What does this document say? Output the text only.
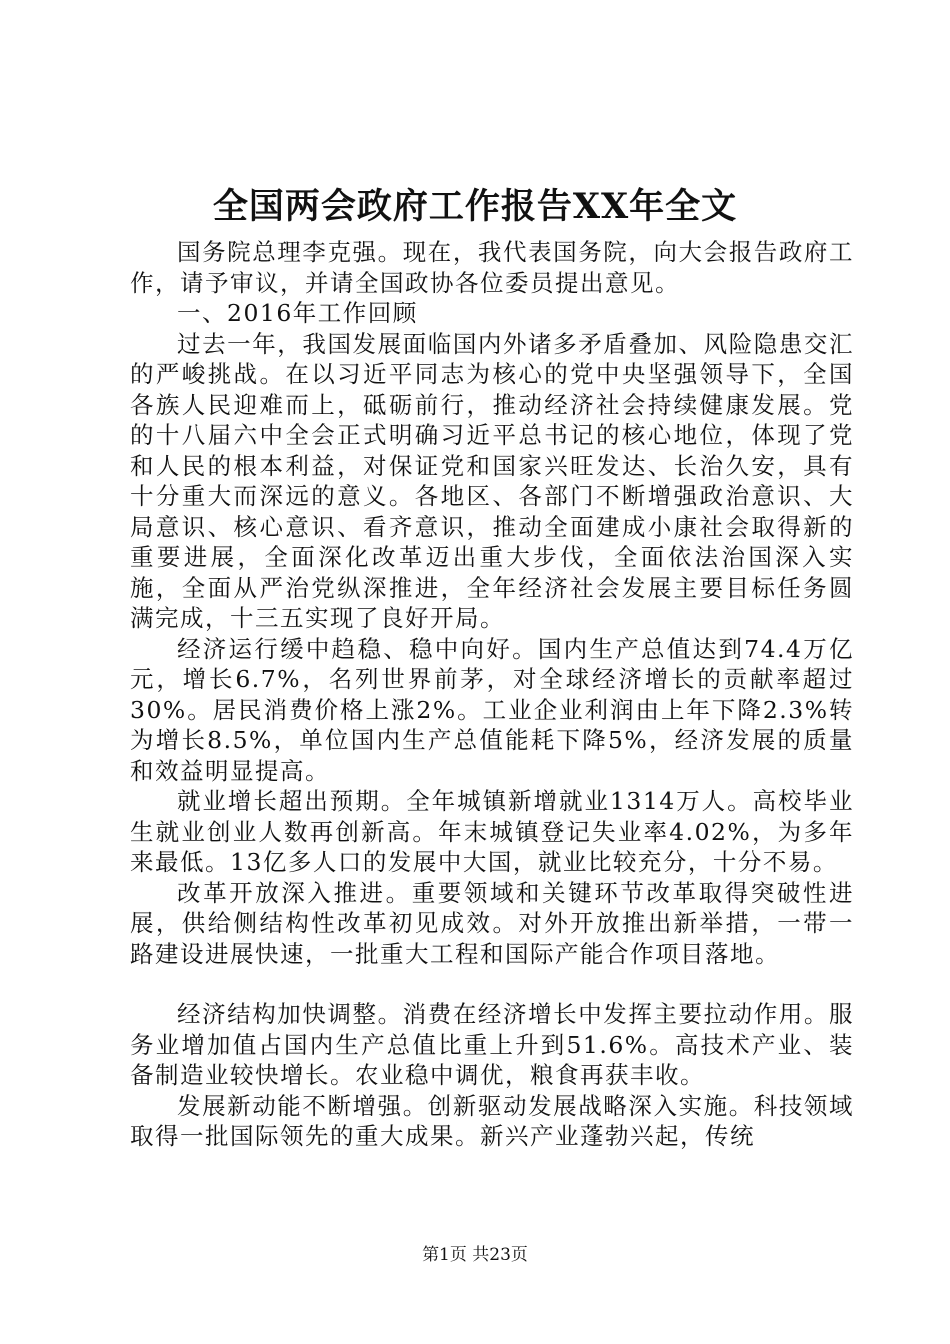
全国两会政府工作报告XX年全文

国务院总理李克强。现在，我代表国务院，向大会报告政府工作，请予审议，并请全国政协各位委员提出意见。

一、2016年工作回顾

过去一年，我国发展面临国内外诸多矛盾叠加、风险隐患交汇的严峻挑战。在以习近平同志为核心的党中央坚强领导下，全国各族人民迎难而上，砥砺前行，推动经济社会持续健康发展。党的十八届六中全会正式明确习近平总书记的核心地位，体现了党和人民的根本利益，对保证党和国家兴旺发达、长治久安，具有十分重大而深远的意义。各地区、各部门不断增强政治意识、大局意识、核心意识、看齐意识，推动全面建成小康社会取得新的重要进展，全面深化改革迈出重大步伐，全面依法治国深入实施，全面从严治党纵深推进，全年经济社会发展主要目标任务圆满完成，十三五实现了良好开局。

经济运行缓中趋稳、稳中向好。国内生产总值达到74.4万亿元，增长6.7%，名列世界前茅，对全球经济增长的贡献率超过30%。居民消费价格上涨2%。工业企业利润由上年下降2.3%转为增长8.5%，单位国内生产总值能耗下降5%，经济发展的质量和效益明显提高。

就业增长超出预期。全年城镇新增就业1314万人。高校毕业生就业创业人数再创新高。年末城镇登记失业率4.02%，为多年来最低。13亿多人口的发展中大国，就业比较充分，十分不易。

改革开放深入推进。重要领域和关键环节改革取得突破性进展，供给侧结构性改革初见成效。对外开放推出新举措，一带一路建设进展快速，一批重大工程和国际产能合作项目落地。

经济结构加快调整。消费在经济增长中发挥主要拉动作用。服务业增加值占国内生产总值比重上升到51.6%。高技术产业、装备制造业较快增长。农业稳中调优，粮食再获丰收。

发展新动能不断增强。创新驱动发展战略深入实施。科技领域取得一批国际领先的重大成果。新兴产业蓬勃兴起，传统

第1页 共23页
